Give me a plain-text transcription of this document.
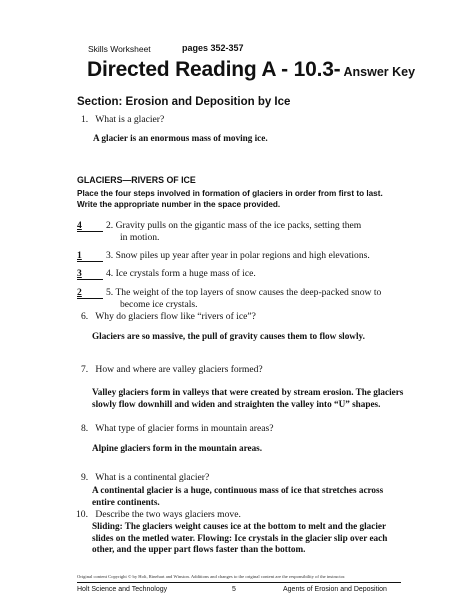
Skills Worksheet	pages 352-357
Directed Reading A - 10.3- Answer Key
Section: Erosion and Deposition by Ice
1. What is a glacier?
A glacier is an enormous mass of moving ice.
GLACIERS—RIVERS OF ICE
Place the four steps involved in formation of glaciers in order from first to last.
Write the appropriate number in the space provided.
4	2. Gravity pulls on the gigantic mass of the ice packs, setting them
in motion.
1	3. Snow piles up year after year in polar regions and high elevations.
3	4. Ice crystals form a huge mass of ice.
2	5. The weight of the top layers of snow causes the deep-packed snow to
become ice crystals.
6. Why do glaciers flow like “rivers of ice”?
Glaciers are so massive, the pull of gravity causes them to flow slowly.
7. How and where are valley glaciers formed?
Valley glaciers form in valleys that were created by stream erosion. The glaciers
slowly flow downhill and widen and straighten the valley into “U” shapes.
8. What type of glacier forms in mountain areas?
Alpine glaciers form in the mountain areas.
9. What is a continental glacier?
A continental glacier is a huge, continuous mass of ice that stretches across
entire continents.
10. Describe the two ways glaciers move.
Sliding: The glaciers weight causes ice at the bottom to melt and the glacier
slides on the metled water. Flowing: Ice crystals in the glacier slip over each
other, and the upper part flows faster than the bottom.
Original content Copyright © by Holt, Rinehart and Winston. Additions and changes to the original content are the responsibility of the instructor.
Holt Science and Technology	5	Agents of Erosion and Deposition
